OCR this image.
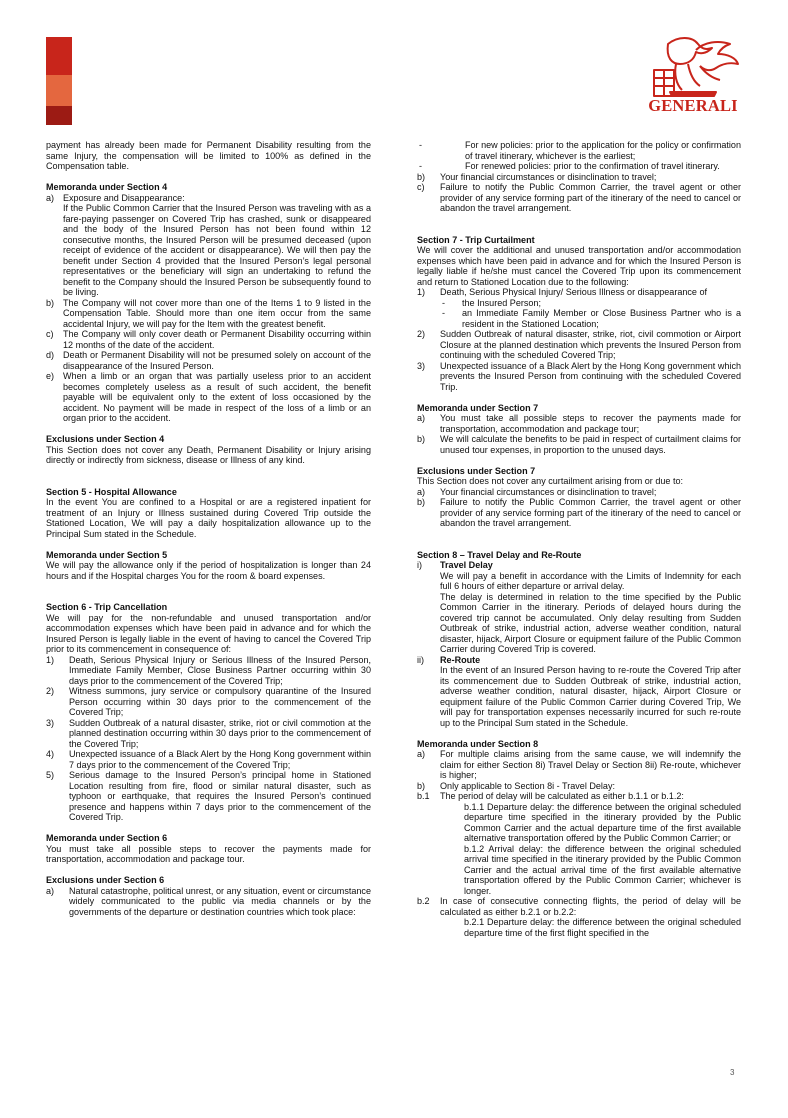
GENERALI

payment has already been made for Permanent Disability resulting from the same Injury, the compensation will be limited to 100% as defined in the Compensation table.

Memoranda under Section 4
a) Exposure and Disappearance:
If the Public Common Carrier that the Insured Person was traveling with as a fare-paying passenger on Covered Trip has crashed, sunk or disappeared and the body of the Insured Person has not been found within 12 consecutive months, the Insured Person will be presumed deceased (upon receipt of evidence of the accident or disappearance). We will then pay the benefit under Section 4 provided that the Insured Person’s legal personal representatives or the beneficiary will sign an undertaking to refund the benefit to the Company should the Insured Person be subsequently found to be living.
b) The Company will not cover more than one of the Items 1 to 9 listed in the Compensation Table. Should more than one item occur from the same accidental Injury, we will pay for the Item with the greatest benefit.
c)	The Company will only cover death or Permanent Disability occurring within 12 months of the date of the accident.
d) Death or Permanent Disability will not be presumed solely on account of the disappearance of the Insured Person.
e) When a limb or an organ that was partially useless prior to an accident becomes completely useless as a result of such accident, the benefit payable will be equivalent only to the extent of loss occasioned by the accident. No payment will be made in respect of the loss of a limb or an organ prior to the accident.
Exclusions under Section 4

This Section does not cover any Death, Permanent Disability or Injury arising directly or indirectly from sickness, disease or Illness of any kind.

Section 5 - Hospital Allowance

In the event You are confined to a Hospital or are a registered inpatient for treatment of an Injury or Illness sustained during Covered Trip outside the Stationed Location, We will pay a daily hospitalization allowance up to the Principal Sum stated in the Schedule.

Memoranda under Section 5

We will pay the allowance only if the period of hospitalization is longer than 24 hours and if the Hospital charges You for the room & board expenses.

Section 6 - Trip Cancellation

We will pay for the non-refundable and unused transportation and/or accommodation expenses which have been paid in advance and for which the Insured Person is legally liable in the event of having to cancel the Covered Trip prior to its commencement in consequence of:

1)	Death, Serious Physical Injury or Serious Illness of the Insured Person, Immediate Family Member, Close Business Partner occurring within 30 days prior to the commencement of the Covered Trip;
2)	Witness summons, jury service or compulsory quarantine of the Insured Person occurring within 30 days prior to the commencement of the Covered Trip;
3)	Sudden Outbreak of a natural disaster, strike, riot or civil commotion at the planned destination occurring within 30 days prior to the commencement of the Covered Trip;
4)	Unexpected issuance of a Black Alert by the Hong Kong government within 7 days prior to the commencement of the Covered Trip;
5)	Serious damage to the Insured Person’s principal home in Stationed Location resulting from fire, flood or similar natural disaster, such as typhoon or earthquake, that requires the Insured Person’s continued presence and happens within 7 days prior to the commencement of the Covered Trip.
Memoranda under Section 6

You must take all possible steps to recover the payments made for transportation, accommodation and package tour.

Exclusions under Section 6
a)	Natural catastrophe, political unrest, or any situation, event or circumstance widely communicated to the public via media channels or by the governments of the departure or destination countries which took place:
-	For new policies: prior to the application for the policy or confirmation of travel itinerary, whichever is the earliest;
-	For renewed policies: prior to the confirmation of travel itinerary.
b)	Your financial circumstances or disinclination to travel;
c)	Failure to notify the Public Common Carrier, the travel agent or other provider of any service forming part of the itinerary of the need to cancel or abandon the travel arrangement.
Section 7 - Trip Curtailment

We will cover the additional and unused transportation and/or accommodation expenses which have been paid in advance and for which the Insured Person is legally liable if he/she must cancel the Covered Trip upon its commencement and return to Stationed Location due to the following:

1)	Death, Serious Physical Injury/ Serious Illness or disappearance of
-	the Insured Person;
-	an Immediate Family Member or Close Business Partner who is a resident in the Stationed Location;
2)	Sudden Outbreak of natural disaster, strike, riot, civil commotion or Airport Closure at the planned destination which prevents the Insured Person from continuing with the scheduled Covered Trip;
3)	Unexpected issuance of a Black Alert by the Hong Kong government which prevents the Insured Person from continuing with the scheduled Covered Trip.
Memoranda under Section 7
a)	You must take all possible steps to recover the payments made for transportation, accommodation and package tour;
b)	We will calculate the benefits to be paid in respect of curtailment claims for unused tour expenses, in proportion to the unused days.
Exclusions under Section 7

This Section does not cover any curtailment arising from or due to:

a)	Your financial circumstances or disinclination to travel;
b)	Failure to notify the Public Common Carrier, the travel agent or other provider of any service forming part of the itinerary of the need to cancel or abandon the travel arrangement.
Section 8 – Travel Delay and Re-Route
i)	Travel Delay
We will pay a benefit in accordance with the Limits of Indemnity for each full 6 hours of either departure or arrival delay.
The delay is determined in relation to the time specified by the Public Common Carrier in the itinerary. Periods of delayed hours during the covered trip cannot be accumulated. Only delay resulting from Sudden Outbreak of strike, industrial action, adverse weather condition, natural disaster, hijack, Airport Closure or equipment failure of the Public Common Carrier during Covered Trip is covered.
ii)	Re-Route
In the event of an Insured Person having to re-route the Covered Trip after its commencement due to Sudden Outbreak of strike, industrial action, adverse weather condition, natural disaster, hijack, Airport Closure or equipment failure of the Public Common Carrier during Covered Trip, We will pay for transportation expenses necessarily incurred for such re-route up to the Principal Sum stated in the Schedule.
Memoranda under Section 8
a)	For multiple claims arising from the same cause, we will indemnify the claim for either Section 8i) Travel Delay or Section 8ii) Re-route, whichever is higher;
b)	Only applicable to Section 8i - Travel Delay:
b.1	The period of delay will be calculated as either b.1.1 or b.1.2:
b.1.1 Departure delay: the difference between the original scheduled departure time specified in the itinerary provided by the Public Common Carrier and the actual departure time of the first available alternative transportation offered by the Public Common Carrier; or
b.1.2 Arrival delay: the difference between the original scheduled arrival time specified in the itinerary provided by the Public Common Carrier and the actual arrival time of the first available alternative transportation offered by the Public Common Carrier; whichever is longer.
b.2	In case of consecutive connecting flights, the period of delay will be calculated as either b.2.1 or b.2.2:
b.2.1 Departure delay: the difference between the original scheduled departure time of the first flight specified in the
3
